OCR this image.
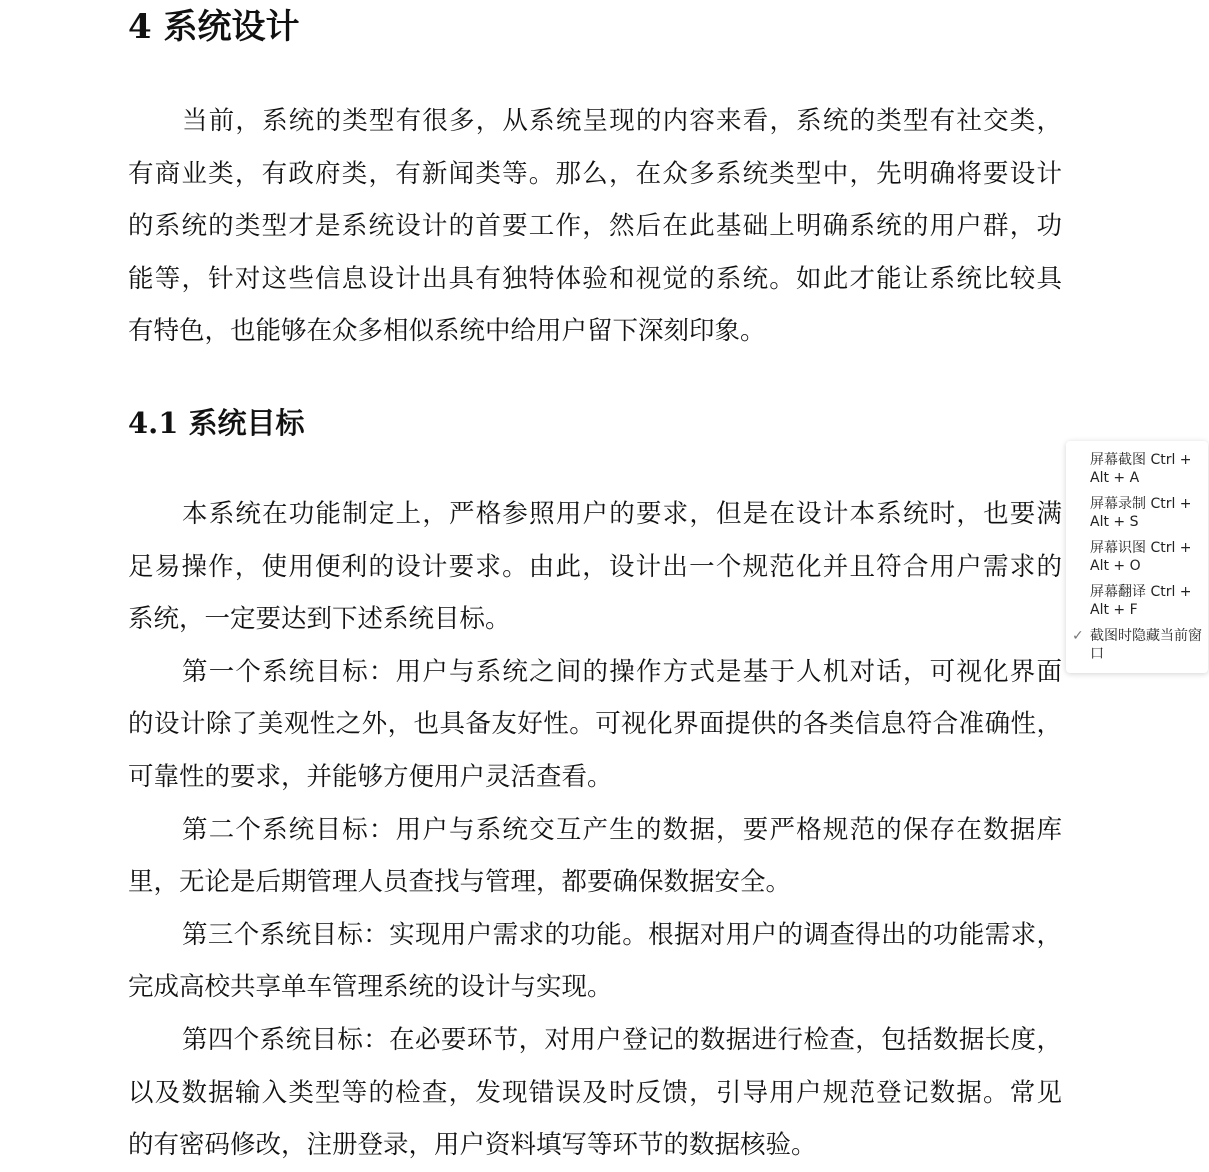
4 系统设计

当前，系统的类型有很多，从系统呈现的内容来看，系统的类型有社交类，
有商业类，有政府类，有新闻类等。那么，在众多系统类型中，先明确将要设计
的系统的类型才是系统设计的首要工作，然后在此基础上明确系统的用户群，功
能等，针对这些信息设计出具有独特体验和视觉的系统。如此才能让系统比较具
有特色，也能够在众多相似系统中给用户留下深刻印象。

4.1 系统目标

本系统在功能制定上，严格参照用户的要求，但是在设计本系统时，也要满
足易操作，使用便利的设计要求。由此，设计出一个规范化并且符合用户需求的
系统，一定要达到下述系统目标。

第一个系统目标：用户与系统之间的操作方式是基于人机对话，可视化界面
的设计除了美观性之外，也具备友好性。可视化界面提供的各类信息符合准确性，
可靠性的要求，并能够方便用户灵活查看。

第二个系统目标：用户与系统交互产生的数据，要严格规范的保存在数据库
里，无论是后期管理人员查找与管理，都要确保数据安全。

第三个系统目标：实现用户需求的功能。根据对用户的调查得出的功能需求，
完成高校共享单车管理系统的设计与实现。

第四个系统目标：在必要环节，对用户登记的数据进行检查，包括数据长度，
以及数据输入类型等的检查，发现错误及时反馈，引导用户规范登记数据。常见
的有密码修改，注册登录，用户资料填写等环节的数据核验。

屏幕截图 Ctrl + Alt + A
屏幕录制 Ctrl + Alt + S
屏幕识图 Ctrl + Alt + O
屏幕翻译 Ctrl + Alt + F
✓ 截图时隐藏当前窗口
